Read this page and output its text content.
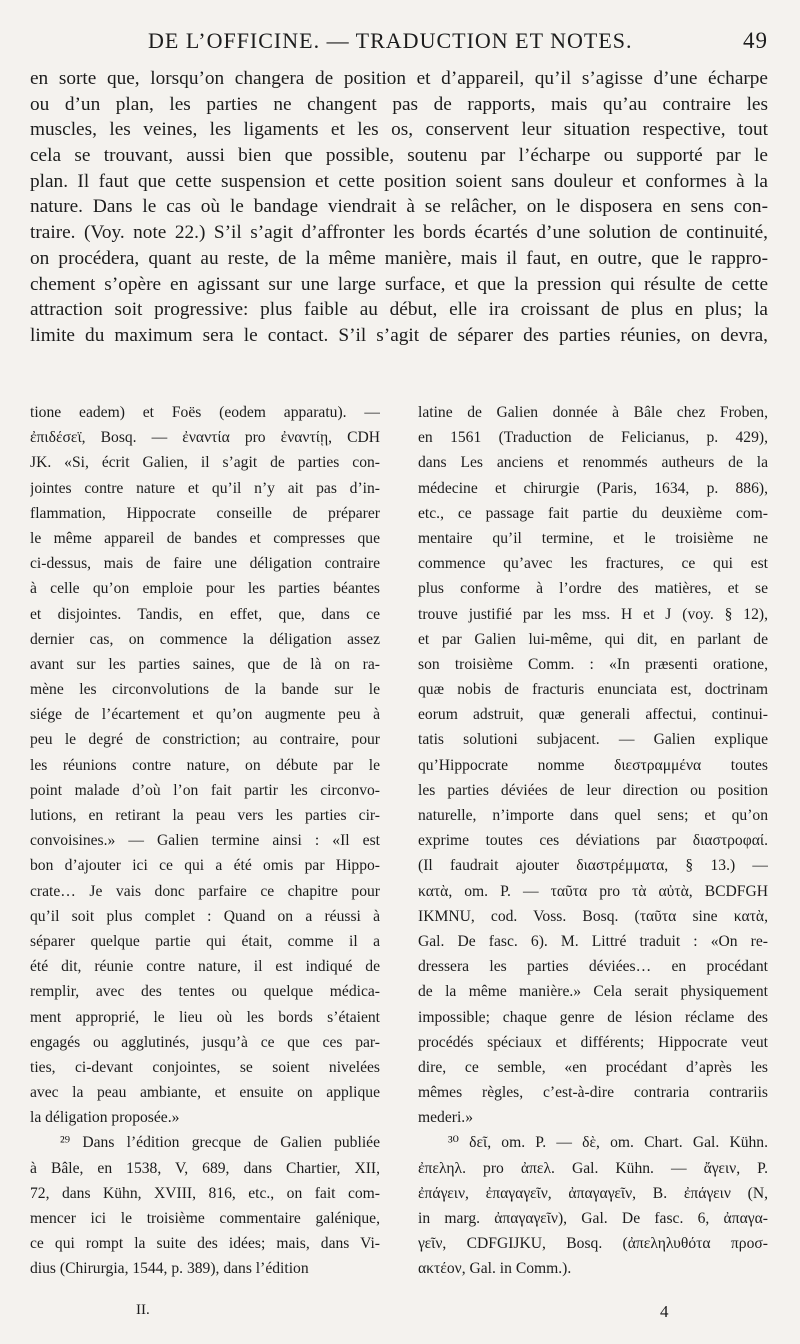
DE L’OFFICINE. — TRADUCTION ET NOTES.	49
en sorte que, lorsqu’on changera de position et d’appareil, qu’il s’agisse d’une écharpe
ou d’un plan, les parties ne changent pas de rapports, mais qu’au contraire les
muscles, les veines, les ligaments et les os, conservent leur situation respective, tout
cela se trouvant, aussi bien que possible, soutenu par l’écharpe ou supporté par le
plan. Il faut que cette suspension et cette position soient sans douleur et conformes à la
nature. Dans le cas où le bandage viendrait à se relâcher, on le disposera en sens con-
traire. (Voy. note 22.) S’il s’agit d’affronter les bords écartés d’une solution de continuité,
on procédera, quant au reste, de la même manière, mais il faut, en outre, que le rappro-
chement s’opère en agissant sur une large surface, et que la pression qui résulte de cette
attraction soit progressive: plus faible au début, elle ira croissant de plus en plus; la
limite du maximum sera le contact. S’il s’agit de séparer des parties réunies, on devra,
tione eadem) et Foës (eodem apparatu). —
ἐπιδέσεϊ, Bosq. — ἐναντία pro ἐναντίῃ, CDH
JK. «Si, écrit Galien, il s’agit de parties con-
jointes contre nature et qu’il n’y ait pas d’in-
flammation, Hippocrate conseille de préparer
le même appareil de bandes et compresses que
ci-dessus, mais de faire une déligation contraire
à celle qu’on emploie pour les parties béantes
et disjointes. Tandis, en effet, que, dans ce
dernier cas, on commence la déligation assez
avant sur les parties saines, que de là on ra-
mène les circonvolutions de la bande sur le
siége de l’écartement et qu’on augmente peu à
peu le degré de constriction; au contraire, pour
les réunions contre nature, on débute par le
point malade d’où l’on fait partir les circonvo-
lutions, en retirant la peau vers les parties cir-
convoisines.» — Galien termine ainsi : «Il est
bon d’ajouter ici ce qui a été omis par Hippo-
crate… Je vais donc parfaire ce chapitre pour
qu’il soit plus complet : Quand on a réussi à
séparer quelque partie qui était, comme il a
été dit, réunie contre nature, il est indiqué de
remplir, avec des tentes ou quelque médica-
ment approprié, le lieu où les bords s’étaient
engagés ou agglutinés, jusqu’à ce que ces par-
ties, ci-devant conjointes, se soient nivelées
avec la peau ambiante, et ensuite on applique
la déligation proposée.»
²⁹ Dans l’édition grecque de Galien publiée
à Bâle, en 1538, V, 689, dans Chartier, XII,
72, dans Kühn, XVIII, 816, etc., on fait com-
mencer ici le troisième commentaire galénique,
ce qui rompt la suite des idées; mais, dans Vi-
dius (Chirurgia, 1544, p. 389), dans l’édition
latine de Galien donnée à Bâle chez Froben,
en 1561 (Traduction de Felicianus, p. 429),
dans Les anciens et renommés autheurs de la
médecine et chirurgie (Paris, 1634, p. 886),
etc., ce passage fait partie du deuxième com-
mentaire qu’il termine, et le troisième ne
commence qu’avec les fractures, ce qui est
plus conforme à l’ordre des matières, et se
trouve justifié par les mss. H et J (voy. § 12),
et par Galien lui-même, qui dit, en parlant de
son troisième Comm. : «In præsenti oratione,
quæ nobis de fracturis enunciata est, doctrinam
eorum adstruit, quæ generali affectui, continui-
tatis solutioni subjacent. — Galien explique
qu’Hippocrate nomme διεστραμμένα toutes
les parties déviées de leur direction ou position
naturelle, n’importe dans quel sens; et qu’on
exprime toutes ces déviations par διαστροφαί.
(Il faudrait ajouter διαστρέμματα, § 13.) —
κατὰ, om. P. — ταῦτα pro τὰ αὐτὰ, BCDFGH
IKMNU, cod. Voss. Bosq. (ταῦτα sine κατὰ,
Gal. De fasc. 6). M. Littré traduit : «On re-
dressera les parties déviées… en procédant
de la même manière.» Cela serait physiquement
impossible; chaque genre de lésion réclame des
procédés spéciaux et différents; Hippocrate veut
dire, ce semble, «en procédant d’après les
mêmes règles, c’est-à-dire contraria contrariis
mederi.»
³⁰ δεῖ, om. P. — δὲ, om. Chart. Gal. Kühn.
ἐπεληλ. pro ἀπελ. Gal. Kühn. — ἄγειν, P.
ἐπάγειν, ἐπαγαγεῖν, ἀπαγαγεῖν, B. ἐπάγειν (N,
in marg. ἀπαγαγεῖν), Gal. De fasc. 6, ἀπαγα-
γεῖν, CDFGIJKU, Bosq. (ἀπεληλυθότα προσ-
ακτέον, Gal. in Comm.).
II.	4
